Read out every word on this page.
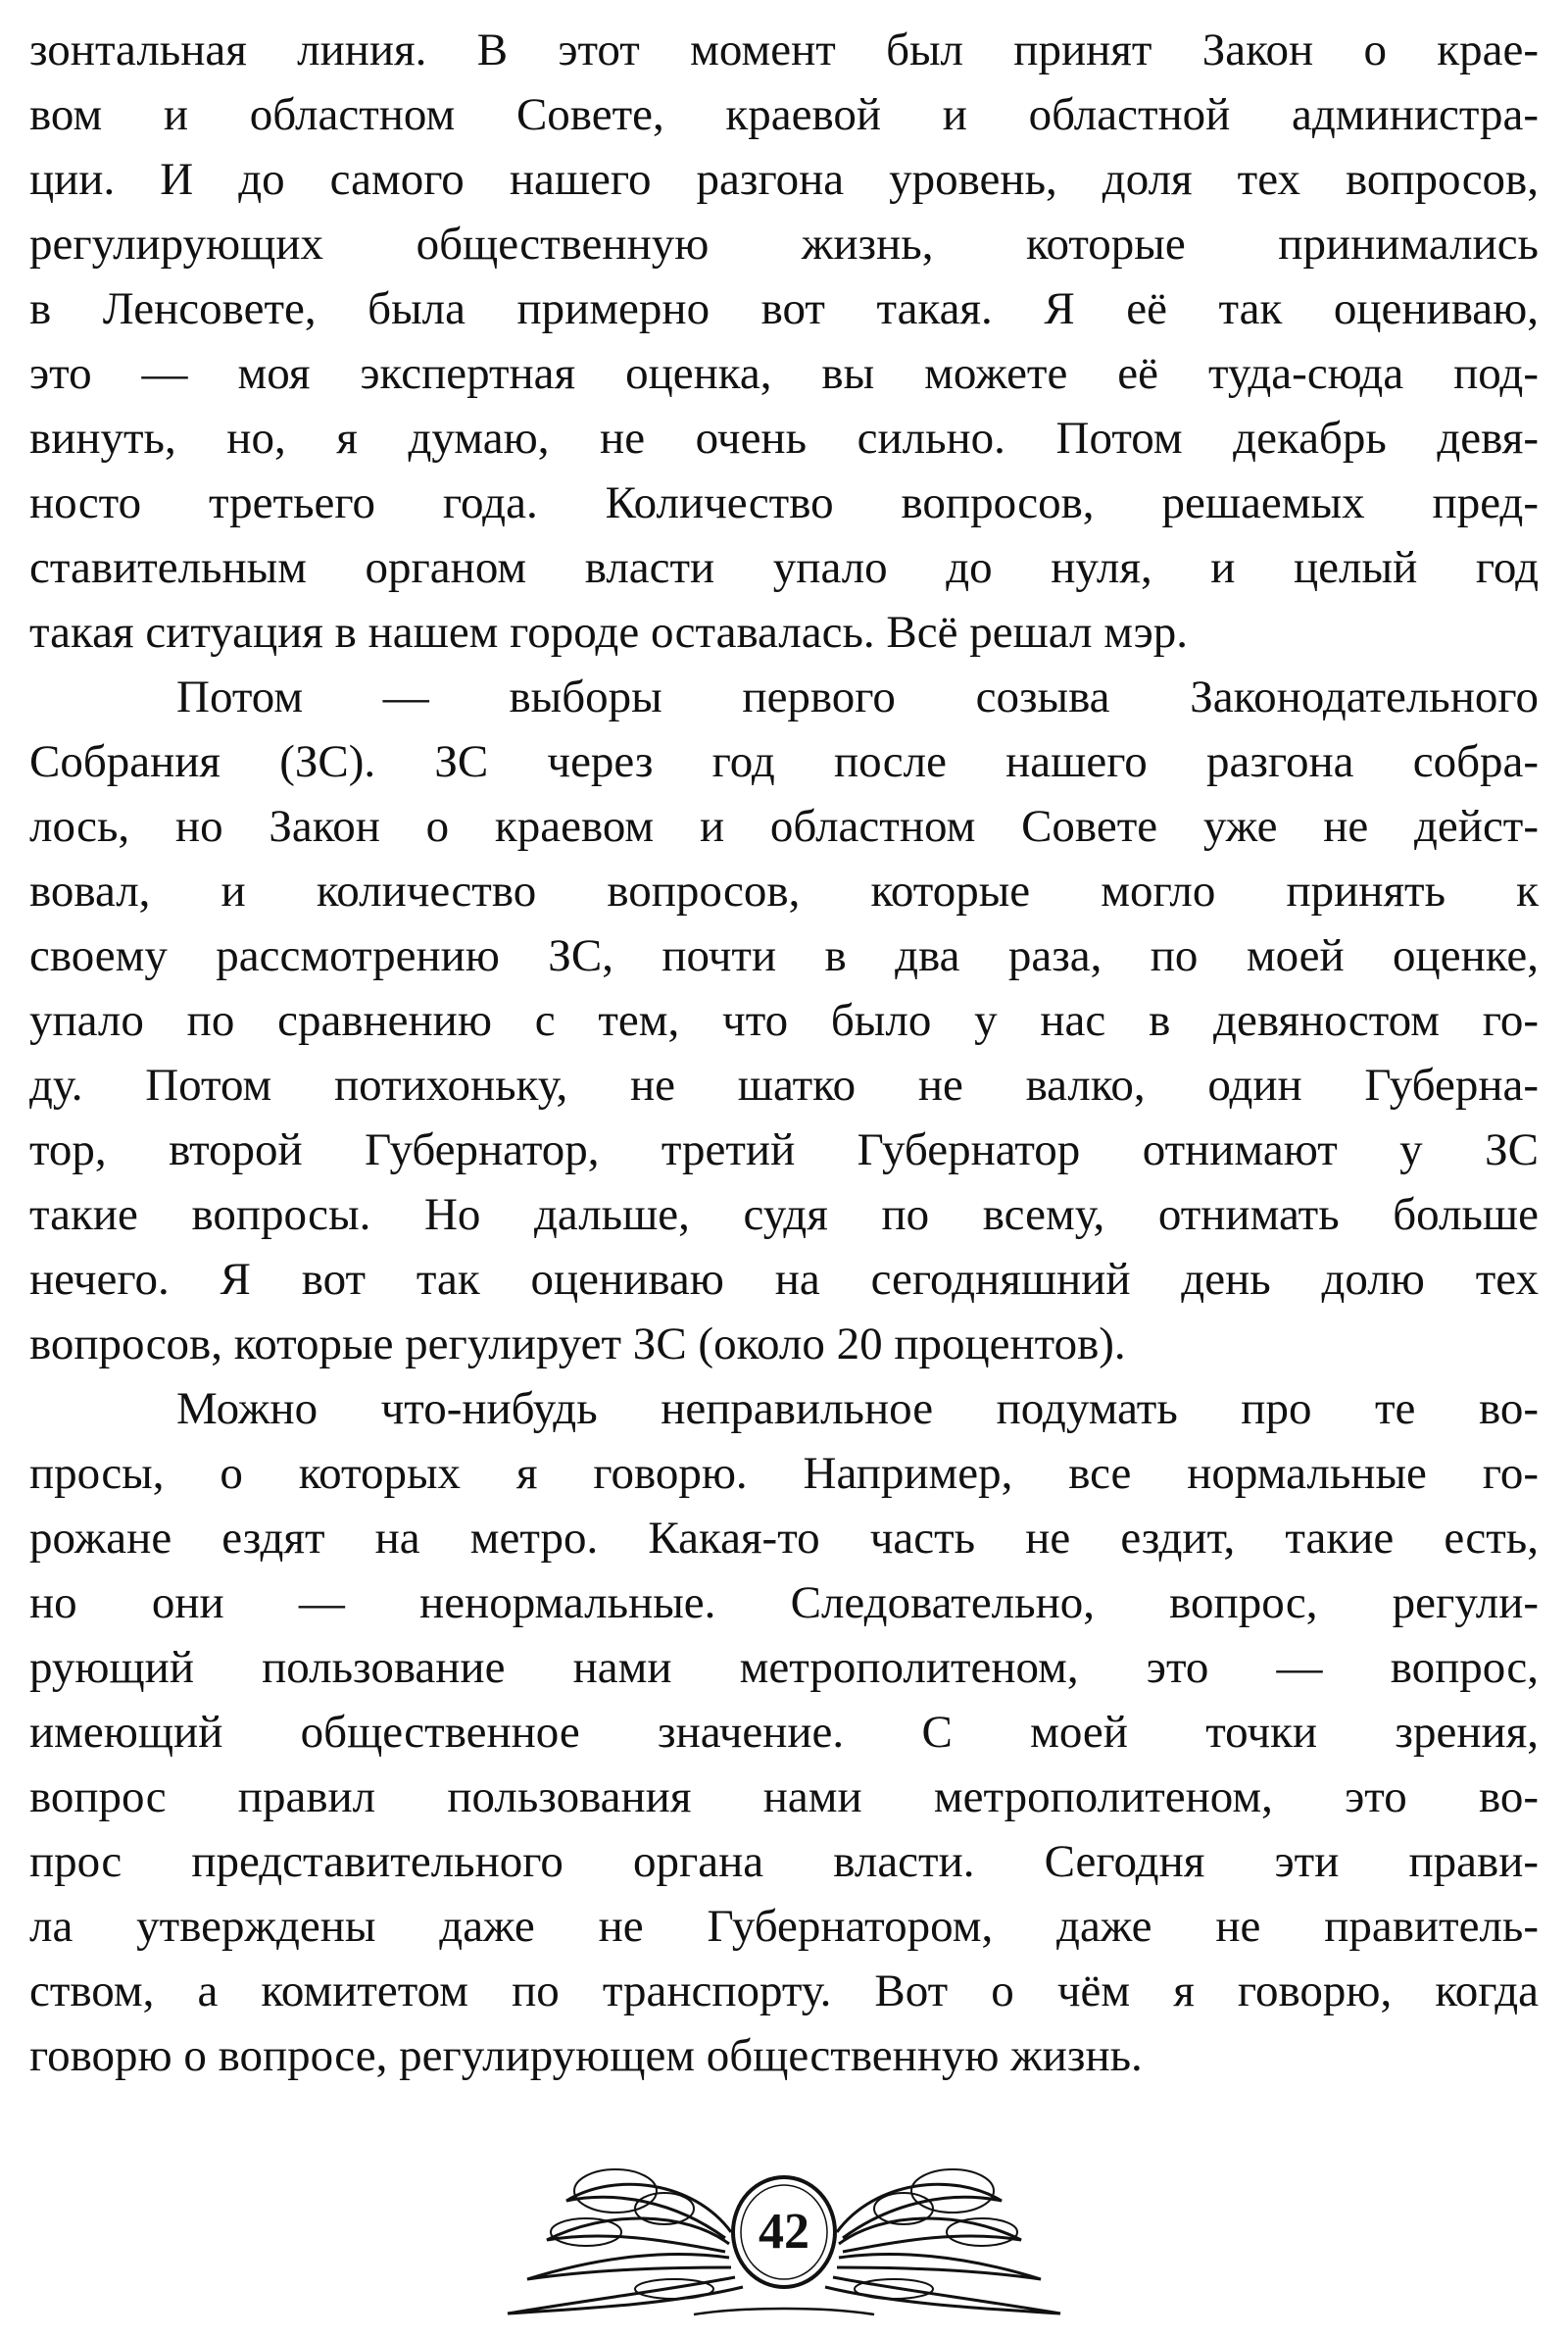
зонтальная линия. В этот момент был принят Закон о крае-
вом и областном Совете, краевой и областной администра-
ции. И до самого нашего разгона уровень, доля тех вопросов,
регулирующих общественную жизнь, которые принимались
в Ленсовете, была примерно вот такая. Я её так оцениваю,
это — моя экспертная оценка, вы можете её туда-сюда под-
винуть, но, я думаю, не очень сильно. Потом декабрь девя-
носто третьего года. Количество вопросов, решаемых пред-
ставительным органом власти упало до нуля, и целый год
такая ситуация в нашем городе оставалась. Всё решал мэр.
Потом — выборы первого созыва Законодательного
Собрания (ЗС). ЗС через год после нашего разгона собра-
лось, но Закон о краевом и областном Совете уже не дейст-
вовал, и количество вопросов, которые могло принять к
своему рассмотрению ЗС, почти в два раза, по моей оценке,
упало по сравнению с тем, что было у нас в девяностом го-
ду. Потом потихоньку, не шатко не валко, один Губерна-
тор, второй Губернатор, третий Губернатор отнимают у ЗС
такие вопросы. Но дальше, судя по всему, отнимать больше
нечего. Я вот так оцениваю на сегодняшний день долю тех
вопросов, которые регулирует ЗС (около 20 процентов).
Можно что-нибудь неправильное подумать про те во-
просы, о которых я говорю. Например, все нормальные го-
рожане ездят на метро. Какая-то часть не ездит, такие есть,
но они — ненормальные. Следовательно, вопрос, регули-
рующий пользование нами метрополитеном, это — вопрос,
имеющий общественное значение. С моей точки зрения,
вопрос правил пользования нами метрополитеном, это во-
прос представительного органа власти. Сегодня эти прави-
ла утверждены даже не Губернатором, даже не правитель-
ством, а комитетом по транспорту. Вот о чём я говорю, когда
говорю о вопросе, регулирующем общественную жизнь.
42
